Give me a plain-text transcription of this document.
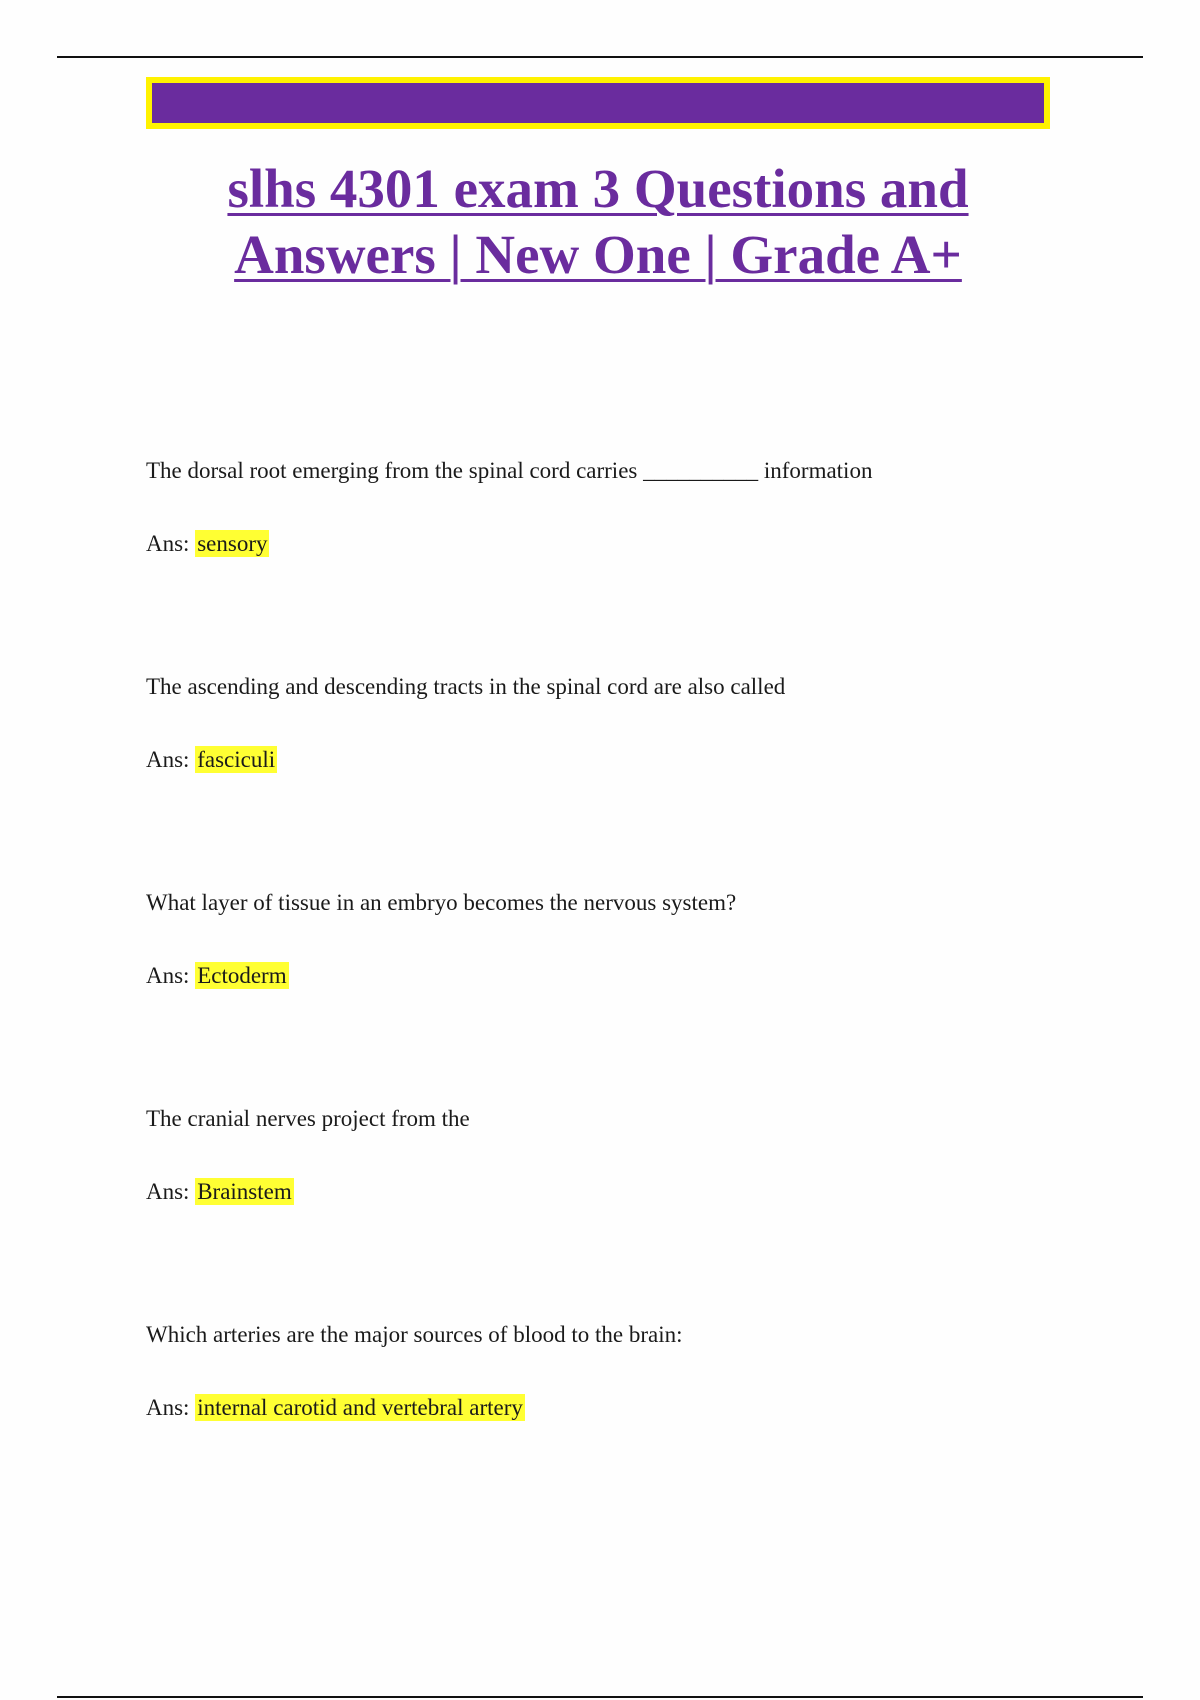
slhs 4301 exam 3 Questions and
Answers | New One | Grade A+

The dorsal root emerging from the spinal cord carries __________ information

Ans: sensory

The ascending and descending tracts in the spinal cord are also called

Ans: fasciculi

What layer of tissue in an embryo becomes the nervous system?

Ans: Ectoderm

The cranial nerves project from the

Ans: Brainstem

Which arteries are the major sources of blood to the brain:

Ans: internal carotid and vertebral artery
